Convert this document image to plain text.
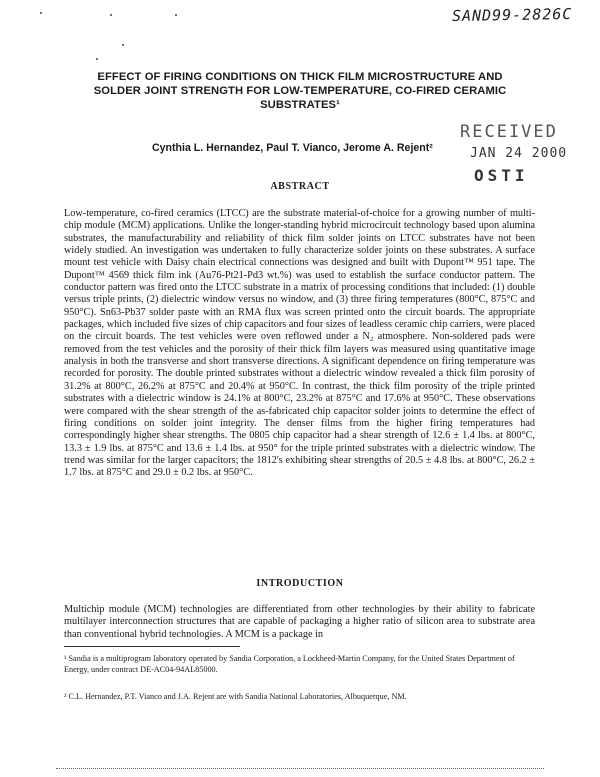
SAND99-2826C
EFFECT OF FIRING CONDITIONS ON THICK FILM MICROSTRUCTURE AND SOLDER JOINT STRENGTH FOR LOW-TEMPERATURE, CO-FIRED CERAMIC SUBSTRATES¹
RECEIVED
JAN 24 2000
OSTI
Cynthia L. Hernandez, Paul T. Vianco, Jerome A. Rejent²
ABSTRACT
Low-temperature, co-fired ceramics (LTCC) are the substrate material-of-choice for a growing number of multi-chip module (MCM) applications. Unlike the longer-standing hybrid microcircuit technology based upon alumina substrates, the manufacturability and reliability of thick film solder joints on LTCC substrates have not been widely studied. An investigation was undertaken to fully characterize solder joints on these substrates. A surface mount test vehicle with Daisy chain electrical connections was designed and built with Dupont™ 951 tape. The Dupont™ 4569 thick film ink (Au76-Pt21-Pd3 wt.%) was used to establish the surface conductor pattern. The conductor pattern was fired onto the LTCC substrate in a matrix of processing conditions that included: (1) double versus triple prints, (2) dielectric window versus no window, and (3) three firing temperatures (800°C, 875°C and 950°C). Sn63-Pb37 solder paste with an RMA flux was screen printed onto the circuit boards. The appropriate packages, which included five sizes of chip capacitors and four sizes of leadless ceramic chip carriers, were placed on the circuit boards. The test vehicles were oven reflowed under a N₂ atmosphere. Non-soldered pads were removed from the test vehicles and the porosity of their thick film layers was measured using quantitative image analysis in both the transverse and short transverse directions. A significant dependence on firing temperature was recorded for porosity. The double printed substrates without a dielectric window revealed a thick film porosity of 31.2% at 800°C, 26.2% at 875°C and 20.4% at 950°C. In contrast, the thick film porosity of the triple printed substrates with a dielectric window is 24.1% at 800°C, 23.2% at 875°C and 17.6% at 950°C. These observations were compared with the shear strength of the as-fabricated chip capacitor solder joints to determine the effect of firing conditions on solder joint integrity. The denser films from the higher firing temperatures had correspondingly higher shear strengths. The 0805 chip capacitor had a shear strength of 12.6 ± 1.4 lbs. at 800°C, 13.3 ± 1.9 lbs. at 875°C and 13.6 ± 1.4 lbs. at 950° for the triple printed substrates with a dielectric window. The trend was similar for the larger capacitors; the 1812's exhibiting shear strengths of 20.5 ± 4.8 lbs. at 800°C, 26.2 ± 1.7 lbs. at 875°C and 29.0 ± 0.2 lbs. at 950°C.
INTRODUCTION
Multichip module (MCM) technologies are differentiated from other technologies by their ability to fabricate multilayer interconnection structures that are capable of packaging a higher ratio of silicon area to substrate area than conventional hybrid technologies. A MCM is a package in
¹ Sandia is a multiprogram laboratory operated by Sandia Corporation, a Lockheed-Martin Company, for the United States Department of Energy, under contract DE-AC04-94AL85000.
² C.L. Hernandez, P.T. Vianco and J.A. Rejent are with Sandia National Laboratories, Albuquerque, NM.
